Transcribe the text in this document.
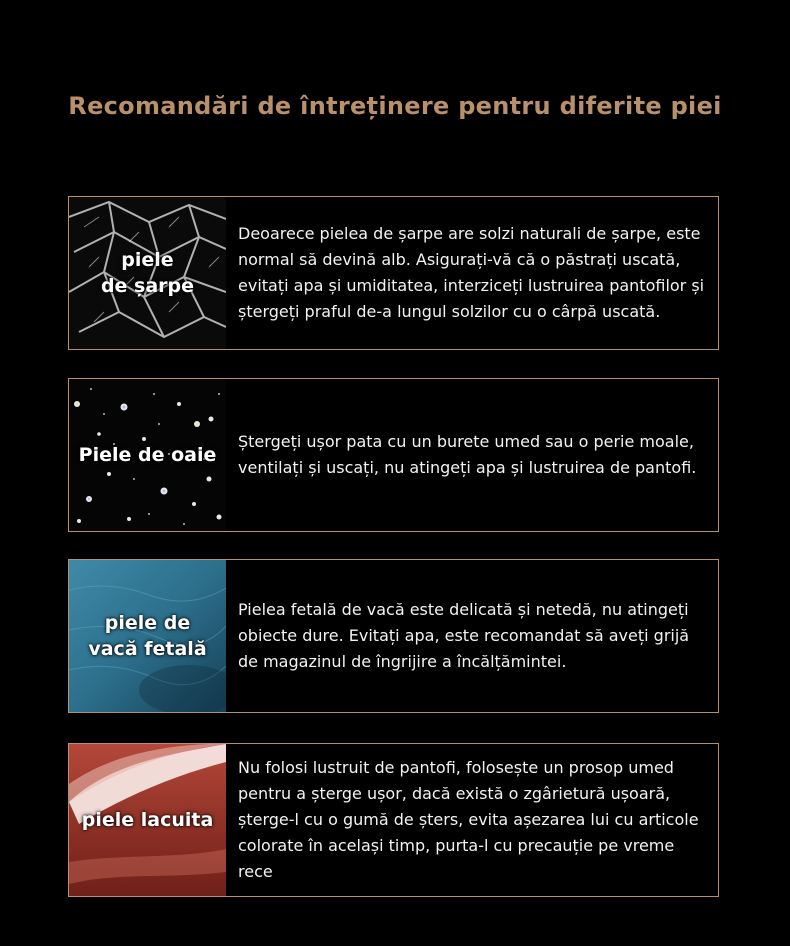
Recomandări de întreținere pentru diferite piei
piele
de șarpe
Deoarece pielea de șarpe are solzi naturali de șarpe, este normal să devină alb. Asigurați-vă că o păstrați uscată, evitați apa și umiditatea, interziceți lustruirea pantofilor și ștergeți praful de-a lungul solzilor cu o cârpă uscată.
Piele de oaie
Ștergeți ușor pata cu un burete umed sau o perie moale, ventilați și uscați, nu atingeți apa și lustruirea de pantofi.
piele de
vacă fetală
Pielea fetală de vacă este delicată și netedă, nu atingeți obiecte dure. Evitați apa, este recomandat să aveți grijă de magazinul de îngrijire a încălțămintei.
piele lacuita
Nu folosi lustruit de pantofi, folosește un prosop umed pentru a șterge ușor, dacă există o zgârietură ușoară, șterge-l cu o gumă de șters, evita așezarea lui cu articole colorate în același timp, purta-l cu precauție pe vreme rece
